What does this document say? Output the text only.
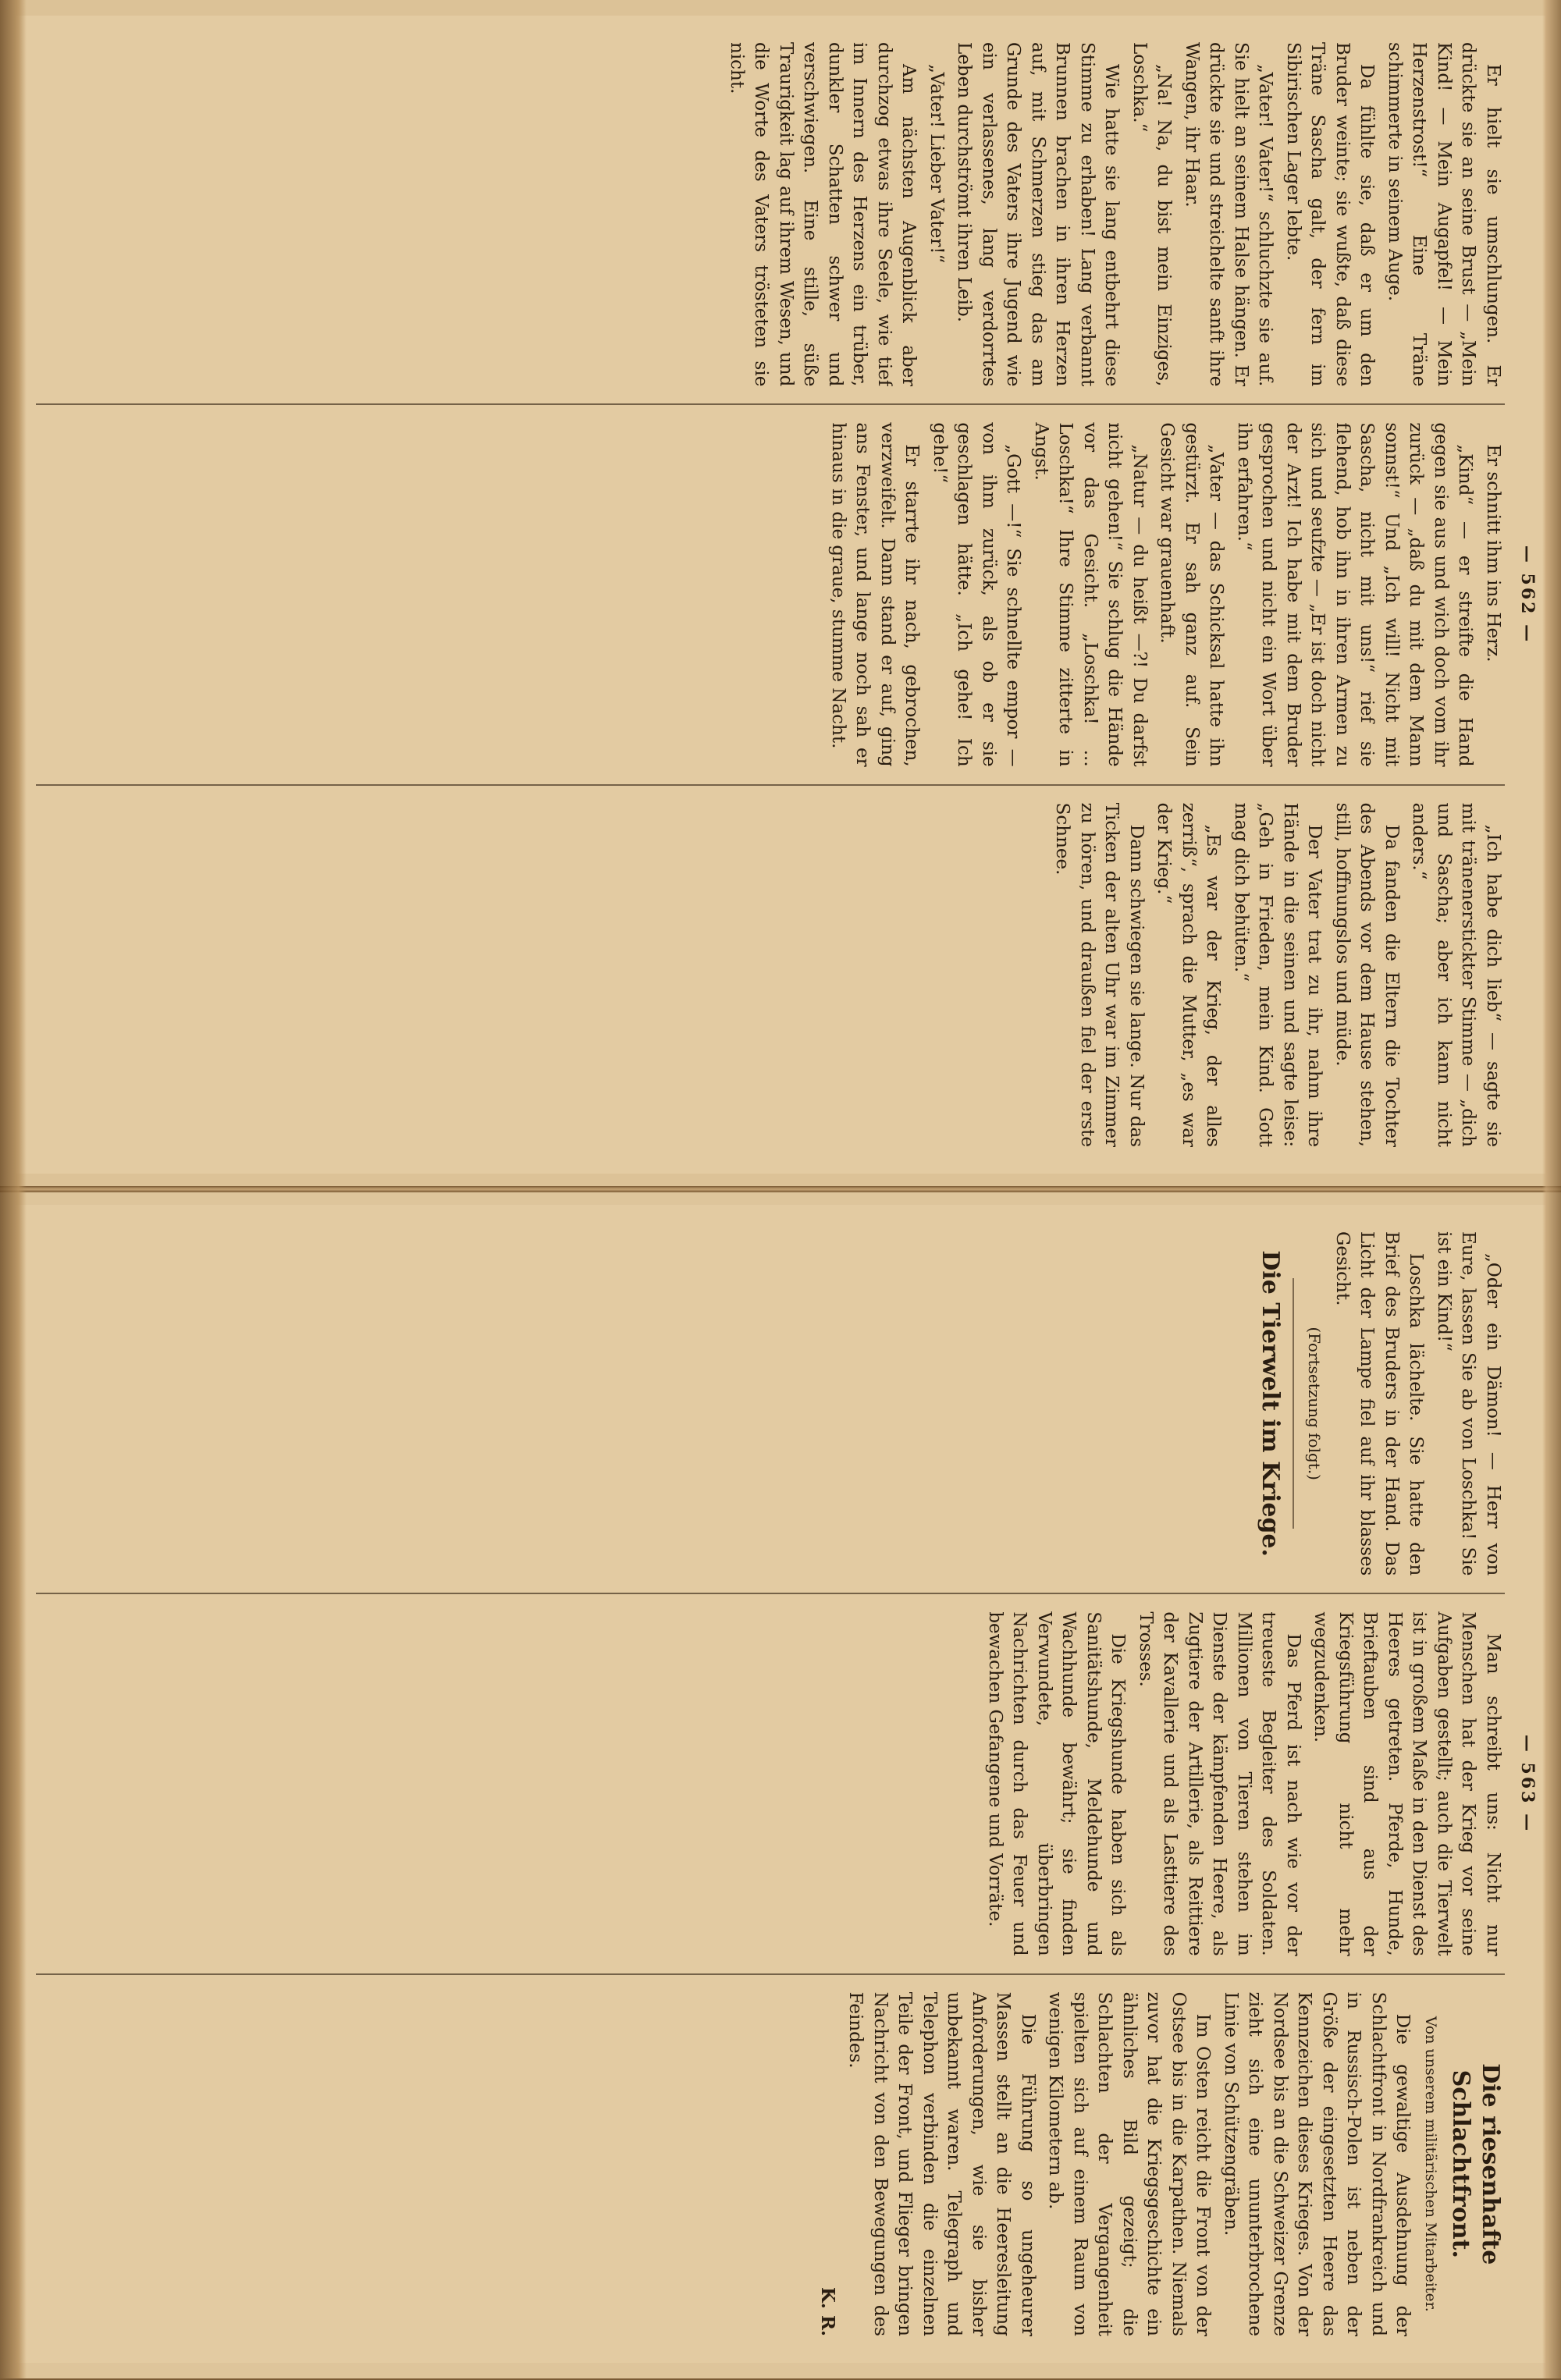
— 562 —

Er hielt sie umschlungen. Er drückte sie an seine Brust — „Mein Kind! — Mein Augapfel! — Mein Herzenstrost!“ Eine Träne schimmerte in seinem Auge.

Da fühlte sie, daß er um den Bruder weinte; sie wußte, daß diese Träne Sascha galt, der fern im Sibirischen Lager lebte.

„Vater! Vater!“ schluchzte sie auf. Sie hielt an seinem Halse hängen. Er drückte sie und streichelte sanft ihre Wangen, ihr Haar.

„Na! Na, du bist mein Einziges, Loschka.“

Wie hatte sie lang entbehrt diese Stimme zu erhaben! Lang verbannt Brunnen brachen in ihren Herzen auf, mit Schmerzen stieg das am Grunde des Vaters ihre Jugend wie ein verlassenes, lang verdorrtes Leben durchströmt ihren Leib.

„Vater! Lieber Vater!“

Am nächsten Augenblick aber durchzog etwas ihre Seele, wie tief im Innern des Herzens ein trüber, dunkler Schatten schwer und verschwiegen. Eine stille, süße Traurigkeit lag auf ihrem Wesen, und die Worte des Vaters trösteten sie nicht.

Er schnitt ihm ins Herz.

„Kind“ — er streifte die Hand gegen sie aus und wich doch vom ihr zurück — „daß du mit dem Mann sonnst!“ Und „Ich will! Nicht mit Sascha, nicht mit uns!“ rief sie flehend, hob ihn in ihren Armen zu sich und seufzte — „Er ist doch nicht der Arzt! Ich habe mit dem Bruder gesprochen und nicht ein Wort über ihn erfahren.“

„Vater — das Schicksal hatte ihn gestürzt. Er sah ganz auf. Sein Gesicht war grauenhaft.

„Natur — du heißt —?! Du darfst nicht gehen!“ Sie schlug die Hände vor das Gesicht. „Loschka! ... Loschka!“ Ihre Stimme zitterte in Angst.

„Gott —!“ Sie schnellte empor — von ihm zurück, als ob er sie geschlagen hätte. „Ich gehe! Ich gehe!“

Er starrte ihr nach, gebrochen, verzweifelt. Dann stand er auf, ging ans Fenster, und lange noch sah er hinaus in die graue, stumme Nacht.

„Ich habe dich lieb“ — sagte sie mit tränenerstickter Stimme — „dich und Sascha; aber ich kann nicht anders.“

Da fanden die Eltern die Tochter des Abends vor dem Hause stehen, still, hoffnungslos und müde.

Der Vater trat zu ihr, nahm ihre Hände in die seinen und sagte leise: „Geh in Frieden, mein Kind. Gott mag dich behüten.“

„Es war der Krieg, der alles zerriß“, sprach die Mutter, „es war der Krieg.“

Dann schwiegen sie lange. Nur das Ticken der alten Uhr war im Zimmer zu hören, und draußen fiel der erste Schnee.

— 563 —

„Oder ein Dämon! — Herr von Eure, lassen Sie ab von Loschka! Sie ist ein Kind!“

Loschka lächelte. Sie hatte den Brief des Bruders in der Hand. Das Licht der Lampe fiel auf ihr blasses Gesicht.

(Fortsetzung folgt.)

Die Tierwelt im Kriege.

Man schreibt uns: Nicht nur Menschen hat der Krieg vor seine Aufgaben gestellt; auch die Tierwelt ist in großem Maße in den Dienst des Heeres getreten. Pferde, Hunde, Brieftauben sind aus der Kriegsführung nicht mehr wegzudenken.

Das Pferd ist nach wie vor der treueste Begleiter des Soldaten. Millionen von Tieren stehen im Dienste der kämpfenden Heere, als Zugtiere der Artillerie, als Reittiere der Kavallerie und als Lasttiere des Trosses.

Die Kriegshunde haben sich als Sanitätshunde, Meldehunde und Wachhunde bewährt; sie finden Verwundete, überbringen Nachrichten durch das Feuer und bewachen Gefangene und Vorräte.

Die riesenhafte Schlachtfront.

Von unserem militärischen Mitarbeiter.

Die gewaltige Ausdehnung der Schlachtfront in Nordfrankreich und in Russisch-Polen ist neben der Größe der eingesetzten Heere das Kennzeichen dieses Krieges. Von der Nordsee bis an die Schweizer Grenze zieht sich eine ununterbrochene Linie von Schützengräben.

Im Osten reicht die Front von der Ostsee bis in die Karpathen. Niemals zuvor hat die Kriegsgeschichte ein ähnliches Bild gezeigt; die Schlachten der Vergangenheit spielten sich auf einem Raum von wenigen Kilometern ab.

Die Führung so ungeheurer Massen stellt an die Heeresleitung Anforderungen, wie sie bisher unbekannt waren. Telegraph und Telephon verbinden die einzelnen Teile der Front, und Flieger bringen Nachricht von den Bewegungen des Feindes.

K. R.
